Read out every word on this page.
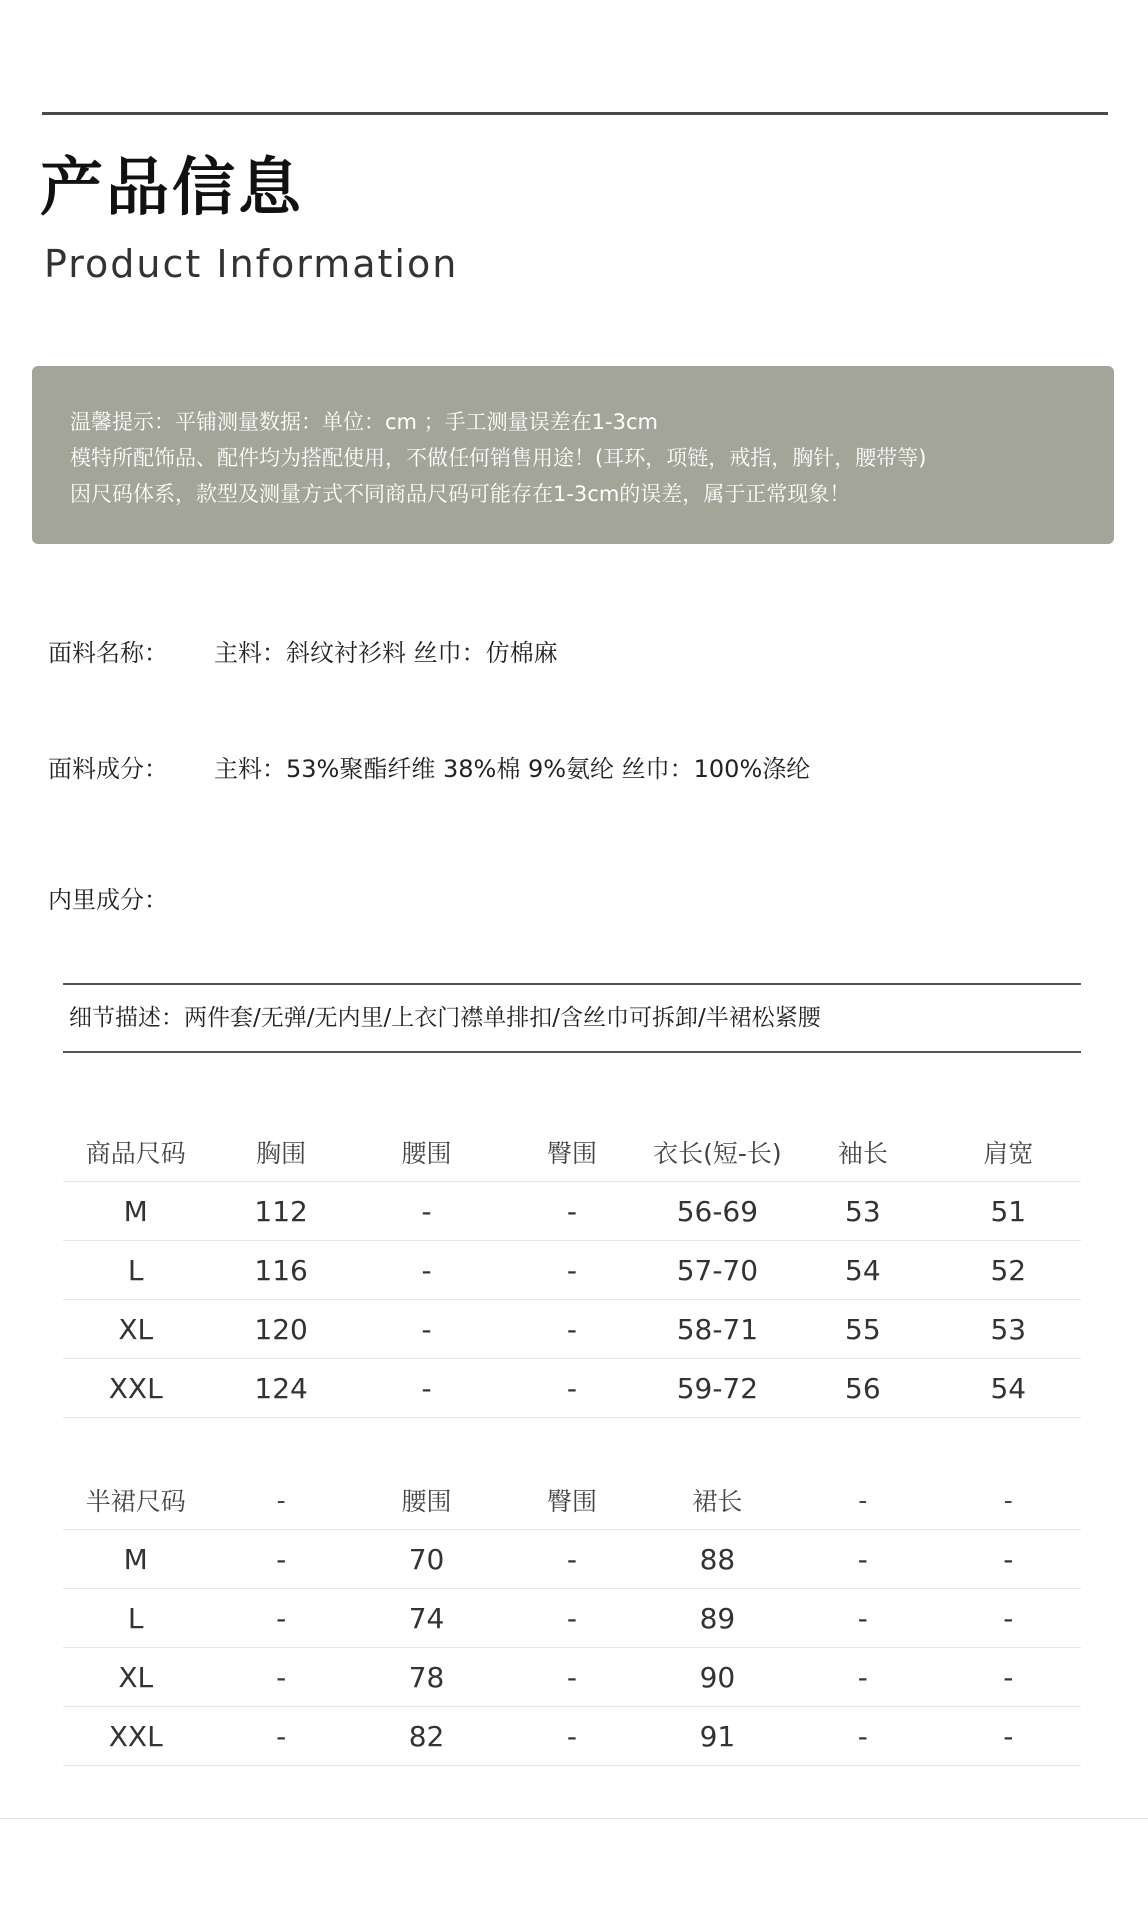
产品信息
Product Information
温馨提示：平铺测量数据：单位：cm ；手工测量误差在1-3cm
模特所配饰品、配件均为搭配使用，不做任何销售用途！(耳环，项链，戒指，胸针，腰带等)
因尺码体系，款型及测量方式不同商品尺码可能存在1-3cm的误差，属于正常现象！
面料名称： 主料：斜纹衬衫料 丝巾：仿棉麻
面料成分： 主料：53%聚酯纤维 38%棉 9%氨纶 丝巾：100%涤纶
内里成分：
细节描述：两件套/无弹/无内里/上衣门襟单排扣/含丝巾可拆卸/半裙松紧腰
商品尺码	胸围	腰围	臀围	衣长(短-长)	袖长	肩宽
M	112	-	-	56-69	53	51
L	116	-	-	57-70	54	52
XL	120	-	-	58-71	55	53
XXL	124	-	-	59-72	56	54
半裙尺码	-	腰围	臀围	裙长	-	-
M	-	70	-	88	-	-
L	-	74	-	89	-	-
XL	-	78	-	90	-	-
XXL	-	82	-	91	-	-
